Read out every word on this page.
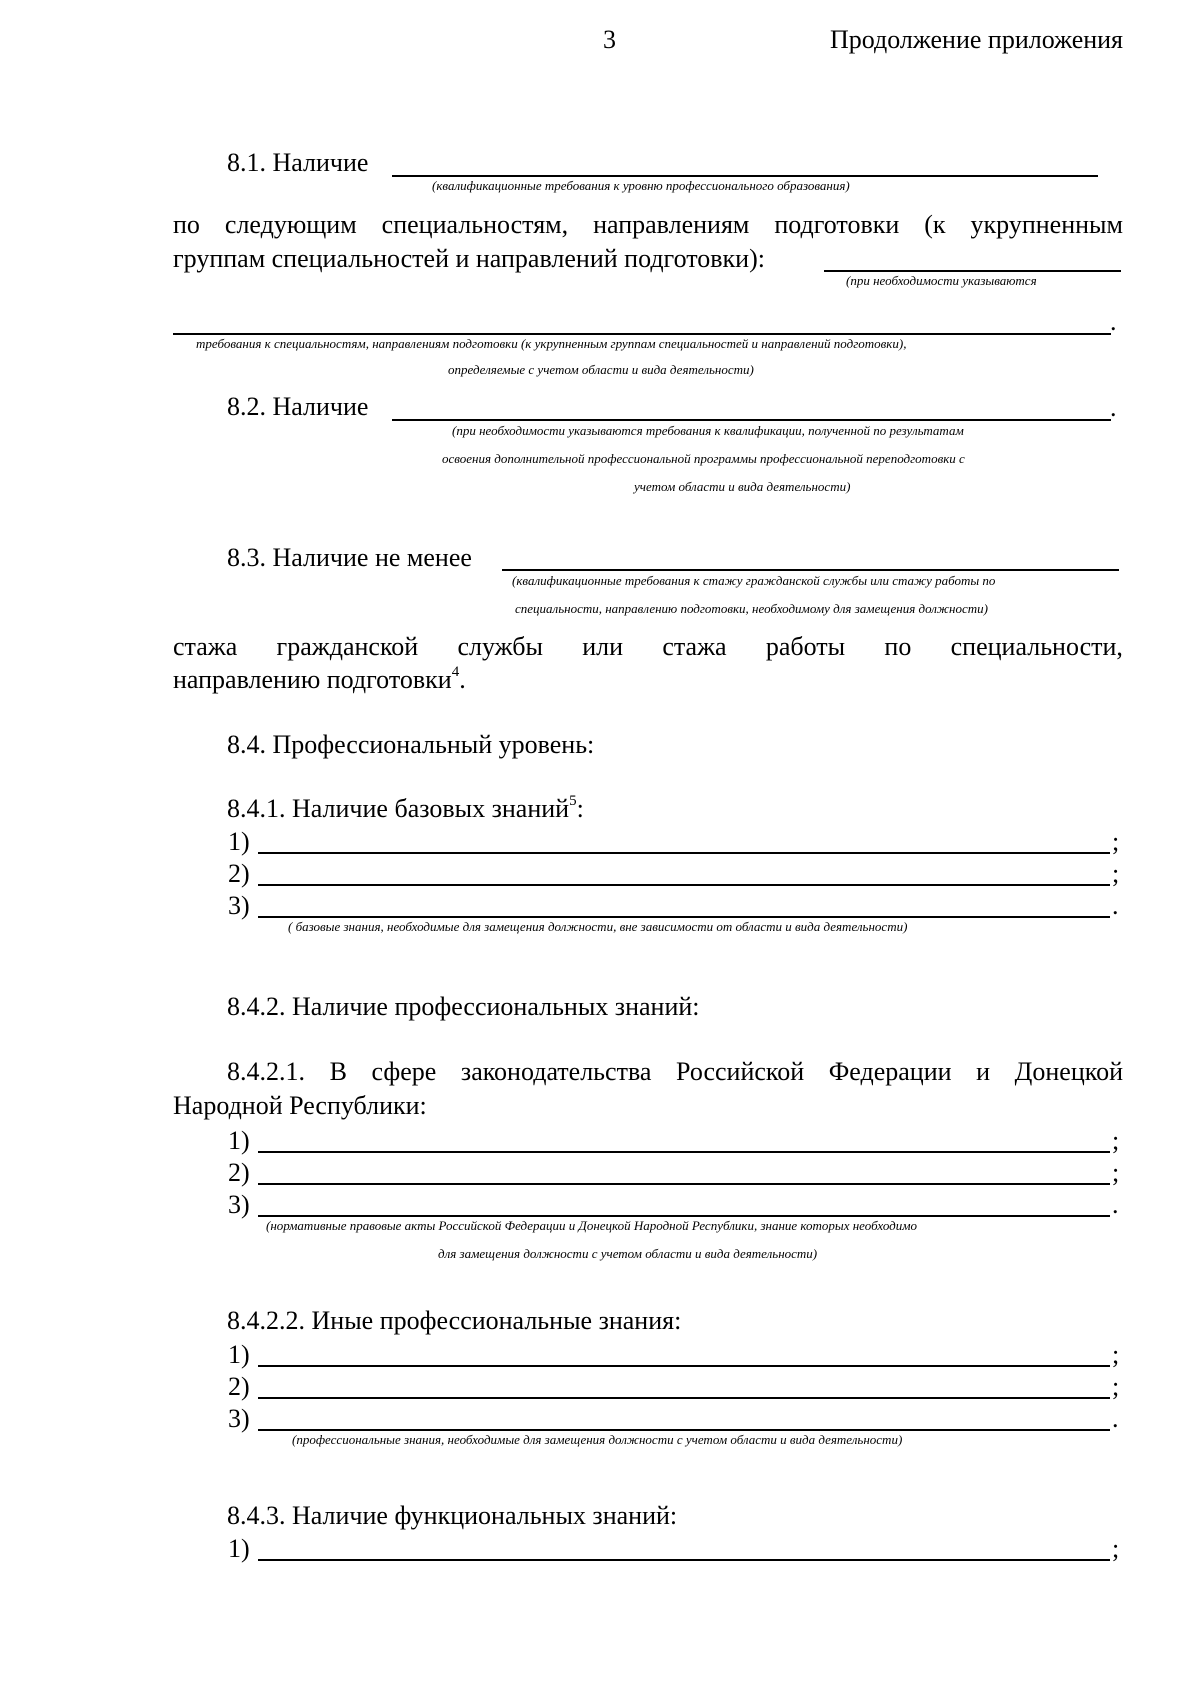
3	Продолжение приложения
8.1. Наличие
(квалификационные требования к уровню профессионального образования)
по следующим специальностям, направлениям подготовки (к укрупненным
группам специальностей и направлений подготовки):
(при необходимости указываются
.
требования к специальностям, направлениям подготовки (к укрупненным группам специальностей и направлений подготовки),
определяемые с учетом области и вида деятельности)
8.2. Наличие	.
(при необходимости указываются требования к квалификации, полученной по результатам
освоения дополнительной профессиональной программы профессиональной переподготовки с
учетом области и вида деятельности)
8.3. Наличие не менее
(квалификационные требования к стажу гражданской службы или стажу работы по
специальности, направлению подготовки, необходимому для замещения должности)
стажа гражданской службы или стажа работы по специальности,
направлению подготовки$^4$.
8.4. Профессиональный уровень:
8.4.1. Наличие базовых знаний$^5$:
1)	;
2)	;
3)	.
( базовые знания, необходимые для замещения должности, вне зависимости от области и вида деятельности)
8.4.2. Наличие профессиональных знаний:
8.4.2.1. В сфере законодательства Российской Федерации и Донецкой
Народной Республики:
1)	;
2)	;
3)	.
(нормативные правовые акты Российской Федерации и Донецкой Народной Республики, знание которых необходимо
для замещения должности с учетом области и вида деятельности)
8.4.2.2. Иные профессиональные знания:
1)	;
2)	;
3)	.
(профессиональные знания, необходимые для замещения должности с учетом области и вида деятельности)
8.4.3. Наличие функциональных знаний:
1)	;
